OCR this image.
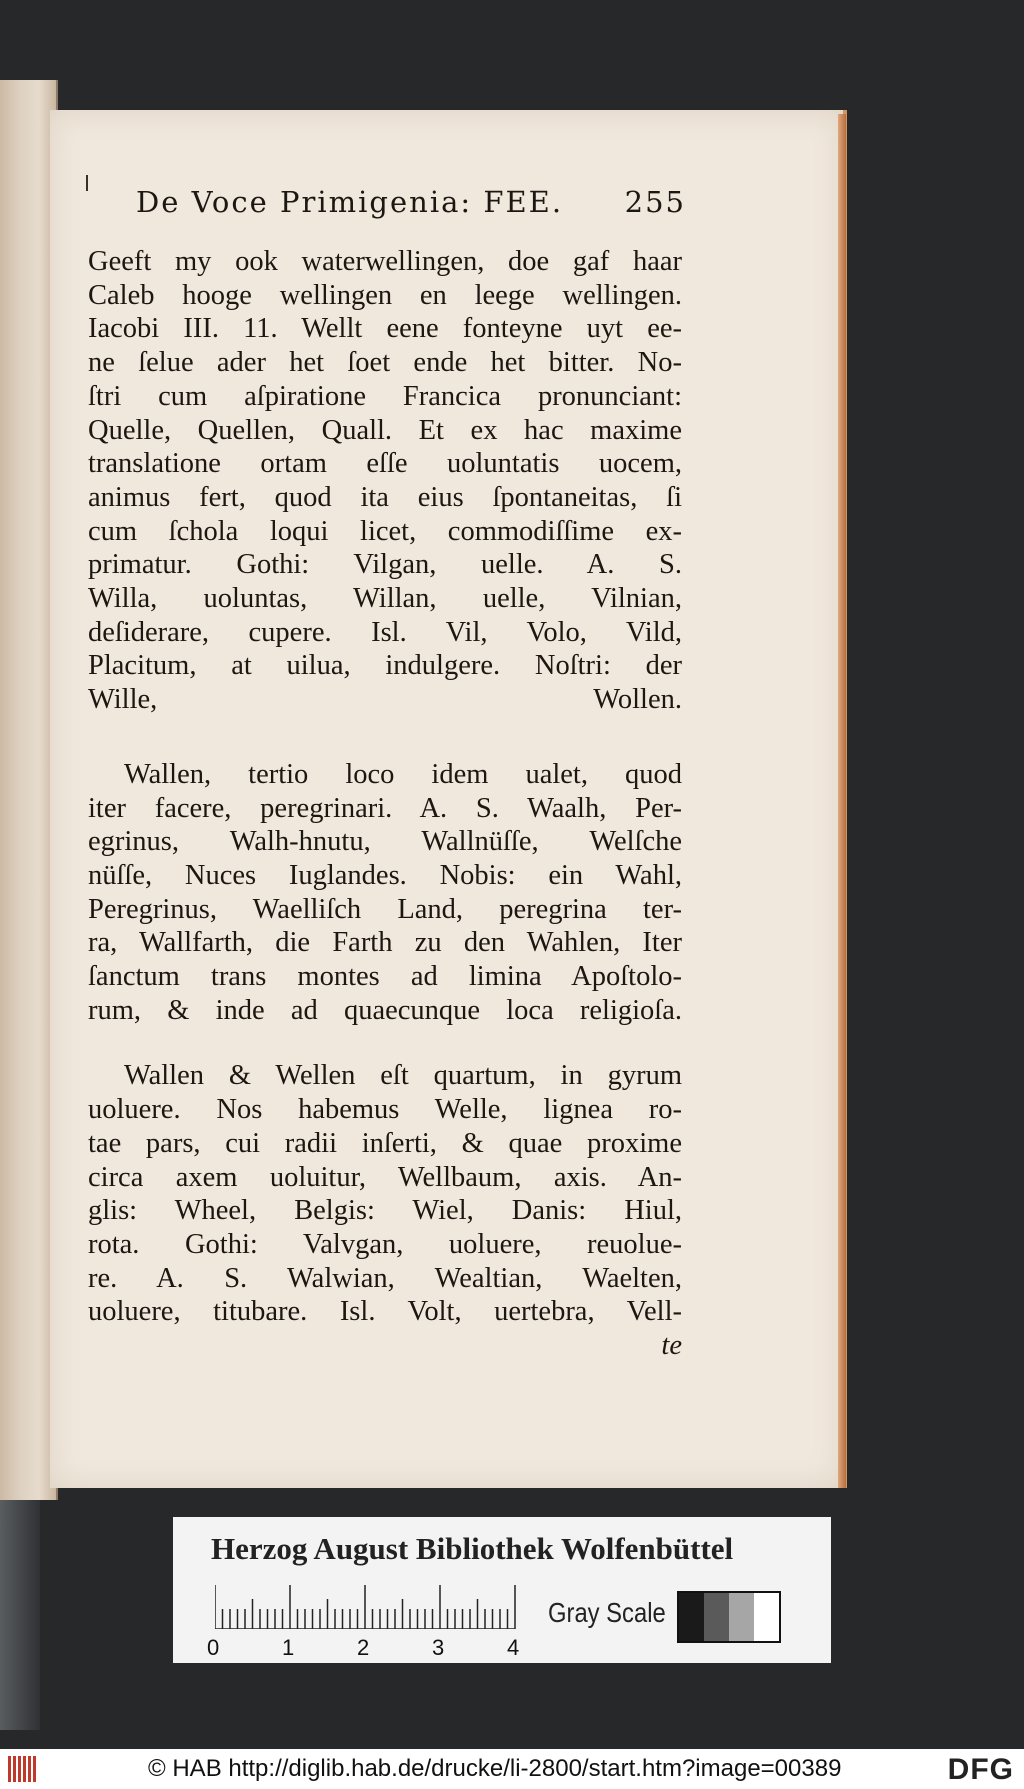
De Voce Primigenia: FEE. 255
Geeft my ook waterwellingen, doe gaf haar
Caleb hooge wellingen en leege wellingen.
Iacobi III. 11. Wellt eene fonteyne uyt ee-
ne ſelue ader het ſoet ende het bitter. No-
ſtri cum aſpiratione Francica pronunciant:
Quelle, Quellen, Quall. Et ex hac maxime
translatione ortam eſſe uoluntatis uocem,
animus fert, quod ita eius ſpontaneitas, ſi
cum ſchola loqui licet, commodiſſime ex-
primatur. Gothi: Vilgan, uelle. A. S.
Willa, uoluntas, Willan, uelle, Vilnian,
deſiderare, cupere. Isl. Vil, Volo, Vild,
Placitum, at uilua, indulgere. Noſtri: der
Wille, Wollen.
Wallen, tertio loco idem ualet, quod
iter facere, peregrinari. A. S. Waalh, Per-
egrinus, Walh-hnutu, Wallnüſſe, Welſche
nüſſe, Nuces Iuglandes. Nobis: ein Wahl,
Peregrinus, Waelliſch Land, peregrina ter-
ra, Wallfarth, die Farth zu den Wahlen, Iter
ſanctum trans montes ad limina Apoſtolo-
rum, & inde ad quaecunque loca religioſa.
Wallen & Wellen eſt quartum, in gyrum
uoluere. Nos habemus Welle, lignea ro-
tae pars, cui radii inſerti, & quae proxime
circa axem uoluitur, Wellbaum, axis. An-
glis: Wheel, Belgis: Wiel, Danis: Hiul,
rota. Gothi: Valvgan, uoluere, reuolue-
re. A. S. Walwian, Wealtian, Waelten,
uoluere, titubare. Isl. Volt, uertebra, Vell-
te
Herzog August Bibliothek Wolfenbüttel
0	1	2	3	4
Gray Scale
© HAB http://diglib.hab.de/drucke/li-2800/start.htm?image=00389	DFG
